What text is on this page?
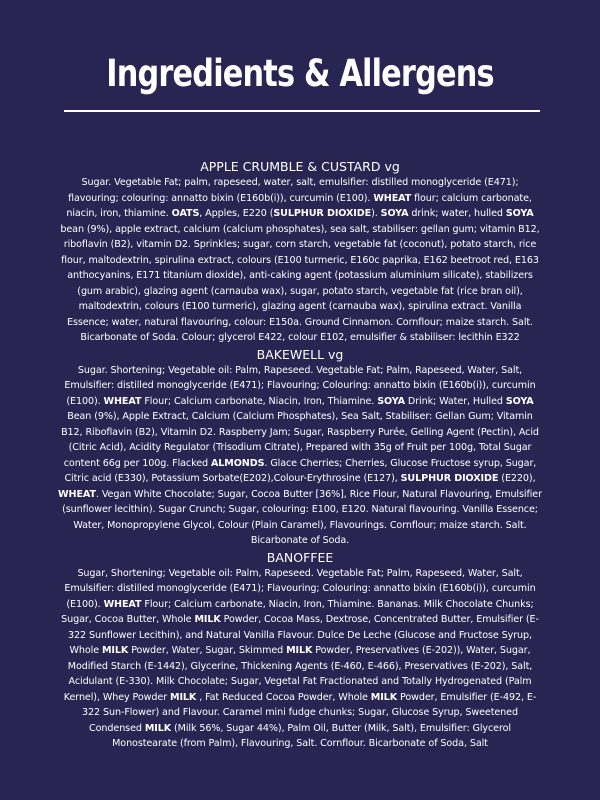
Ingredients & Allergens
APPLE CRUMBLE & CUSTARD vg

Sugar. Vegetable Fat; palm, rapeseed, water, salt, emulsifier: distilled monoglyceride (E471); flavouring; colouring: annatto bixin (E160b(i)), curcumin (E100). WHEAT flour; calcium carbonate, niacin, iron, thiamine. OATS, Apples, E220 (SULPHUR DIOXIDE). SOYA drink; water, hulled SOYA bean (9%), apple extract, calcium (calcium phosphates), sea salt, stabiliser: gellan gum; vitamin B12, riboflavin (B2), vitamin D2. Sprinkles; sugar, corn starch, vegetable fat (coconut), potato starch, rice flour, maltodextrin, spirulina extract, colours (E100 turmeric, E160c paprika, E162 beetroot red, E163 anthocyanins, E171 titanium dioxide), anti-caking agent (potassium aluminium silicate), stabilizers (gum arabic), glazing agent (carnauba wax), sugar, potato starch, vegetable fat (rice bran oil), maltodextrin, colours (E100 turmeric), glazing agent (carnauba wax), spirulina extract. Vanilla Essence; water, natural flavouring, colour: E150a. Ground Cinnamon. Cornflour; maize starch. Salt. Bicarbonate of Soda. Colour; glycerol E422, colour E102, emulsifier & stabiliser: lecithin E322

BAKEWELL vg

Sugar. Shortening; Vegetable oil: Palm, Rapeseed. Vegetable Fat; Palm, Rapeseed, Water, Salt, Emulsifier: distilled monoglyceride (E471); Flavouring; Colouring: annatto bixin (E160b(i)), curcumin (E100). WHEAT Flour; Calcium carbonate, Niacin, Iron, Thiamine. SOYA Drink; Water, Hulled SOYA Bean (9%), Apple Extract, Calcium (Calcium Phosphates), Sea Salt, Stabiliser: Gellan Gum; Vitamin B12, Riboflavin (B2), Vitamin D2. Raspberry Jam; Sugar, Raspberry Purée, Gelling Agent (Pectin), Acid (Citric Acid), Acidity Regulator (Trisodium Citrate), Prepared with 35g of Fruit per 100g, Total Sugar content 66g per 100g. Flacked ALMONDS. Glace Cherries; Cherries, Glucose Fructose syrup, Sugar, Citric acid (E330), Potassium Sorbate(E202),Colour-Erythrosine (E127), SULPHUR DIOXIDE (E220), WHEAT. Vegan White Chocolate; Sugar, Cocoa Butter [36%], Rice Flour, Natural Flavouring, Emulsifier (sunflower lecithin). Sugar Crunch; Sugar, colouring: E100, E120. Natural flavouring. Vanilla Essence; Water, Monopropylene Glycol, Colour (Plain Caramel), Flavourings. Cornflour; maize starch. Salt. Bicarbonate of Soda.

BANOFFEE

Sugar, Shortening; Vegetable oil: Palm, Rapeseed. Vegetable Fat; Palm, Rapeseed, Water, Salt, Emulsifier: distilled monoglyceride (E471); Flavouring; Colouring: annatto bixin (E160b(i)), curcumin (E100). WHEAT Flour; Calcium carbonate, Niacin, Iron, Thiamine. Bananas. Milk Chocolate Chunks; Sugar, Cocoa Butter, Whole MILK Powder, Cocoa Mass, Dextrose, Concentrated Butter, Emulsifier (E-322 Sunflower Lecithin), and Natural Vanilla Flavour. Dulce De Leche (Glucose and Fructose Syrup, Whole MILK Powder, Water, Sugar, Skimmed MILK Powder, Preservatives (E-202)), Water, Sugar, Modified Starch (E-1442), Glycerine, Thickening Agents (E-460, E-466), Preservatives (E-202), Salt, Acidulant (E-330). Milk Chocolate; Sugar, Vegetal Fat Fractionated and Totally Hydrogenated (Palm Kernel), Whey Powder MILK , Fat Reduced Cocoa Powder, Whole MILK Powder, Emulsifier (E-492, E-322 Sun-Flower) and Flavour. Caramel mini fudge chunks; Sugar, Glucose Syrup, Sweetened Condensed MILK (Milk 56%, Sugar 44%), Palm Oil, Butter (Milk, Salt), Emulsifier: Glycerol Monostearate (from Palm), Flavouring, Salt. Cornflour. Bicarbonate of Soda, Salt
